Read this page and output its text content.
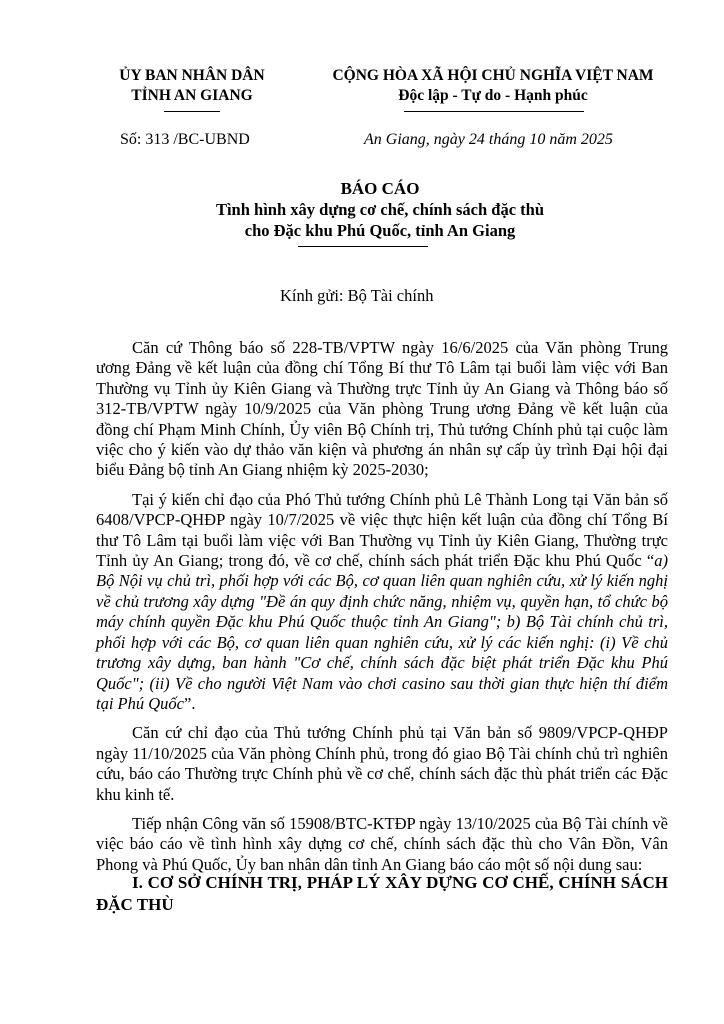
ỦY BAN NHÂN DÂN
TỈNH AN GIANG
CỘNG HÒA XÃ HỘI CHỦ NGHĨA VIỆT NAM
Độc lập - Tự do - Hạnh phúc
Số: 313 /BC-UBND	An Giang, ngày 24 tháng 10 năm 2025
BÁO CÁO
Tình hình xây dựng cơ chế, chính sách đặc thù
cho Đặc khu Phú Quốc, tỉnh An Giang
Kính gửi: Bộ Tài chính

Căn cứ Thông báo số 228-TB/VPTW ngày 16/6/2025 của Văn phòng Trung ương Đảng về kết luận của đồng chí Tổng Bí thư Tô Lâm tại buổi làm việc với Ban Thường vụ Tỉnh ủy Kiên Giang và Thường trực Tỉnh ủy An Giang và Thông báo số 312-TB/VPTW ngày 10/9/2025 của Văn phòng Trung ương Đảng về kết luận của đồng chí Phạm Minh Chính, Ủy viên Bộ Chính trị, Thủ tướng Chính phủ tại cuộc làm việc cho ý kiến vào dự thảo văn kiện và phương án nhân sự cấp ủy trình Đại hội đại biểu Đảng bộ tỉnh An Giang nhiệm kỳ 2025-2030;

Tại ý kiến chỉ đạo của Phó Thủ tướng Chính phủ Lê Thành Long tại Văn bản số 6408/VPCP-QHĐP ngày 10/7/2025 về việc thực hiện kết luận của đồng chí Tổng Bí thư Tô Lâm tại buổi làm việc với Ban Thường vụ Tỉnh ủy Kiên Giang, Thường trực Tỉnh ủy An Giang; trong đó, về cơ chế, chính sách phát triển Đặc khu Phú Quốc “a) Bộ Nội vụ chủ trì, phối hợp với các Bộ, cơ quan liên quan nghiên cứu, xử lý kiến nghị về chủ trương xây dựng "Đề án quy định chức năng, nhiệm vụ, quyền hạn, tổ chức bộ máy chính quyền Đặc khu Phú Quốc thuộc tỉnh An Giang"; b) Bộ Tài chính chủ trì, phối hợp với các Bộ, cơ quan liên quan nghiên cứu, xử lý các kiến nghị: (i) Về chủ trương xây dựng, ban hành "Cơ chế, chính sách đặc biệt phát triển Đặc khu Phú Quốc"; (ii) Về cho người Việt Nam vào chơi casino sau thời gian thực hiện thí điểm tại Phú Quốc”.

Căn cứ chỉ đạo của Thủ tướng Chính phủ tại Văn bản số 9809/VPCP-QHĐP ngày 11/10/2025 của Văn phòng Chính phủ, trong đó giao Bộ Tài chính chủ trì nghiên cứu, báo cáo Thường trực Chính phủ về cơ chế, chính sách đặc thù phát triển các Đặc khu kinh tế.

Tiếp nhận Công văn số 15908/BTC-KTĐP ngày 13/10/2025 của Bộ Tài chính về việc báo cáo về tình hình xây dựng cơ chế, chính sách đặc thù cho Vân Đồn, Vân Phong và Phú Quốc, Ủy ban nhân dân tỉnh An Giang báo cáo một số nội dung sau:

I. CƠ SỞ CHÍNH TRỊ, PHÁP LÝ XÂY DỰNG CƠ CHẾ, CHÍNH SÁCH ĐẶC THÙ
